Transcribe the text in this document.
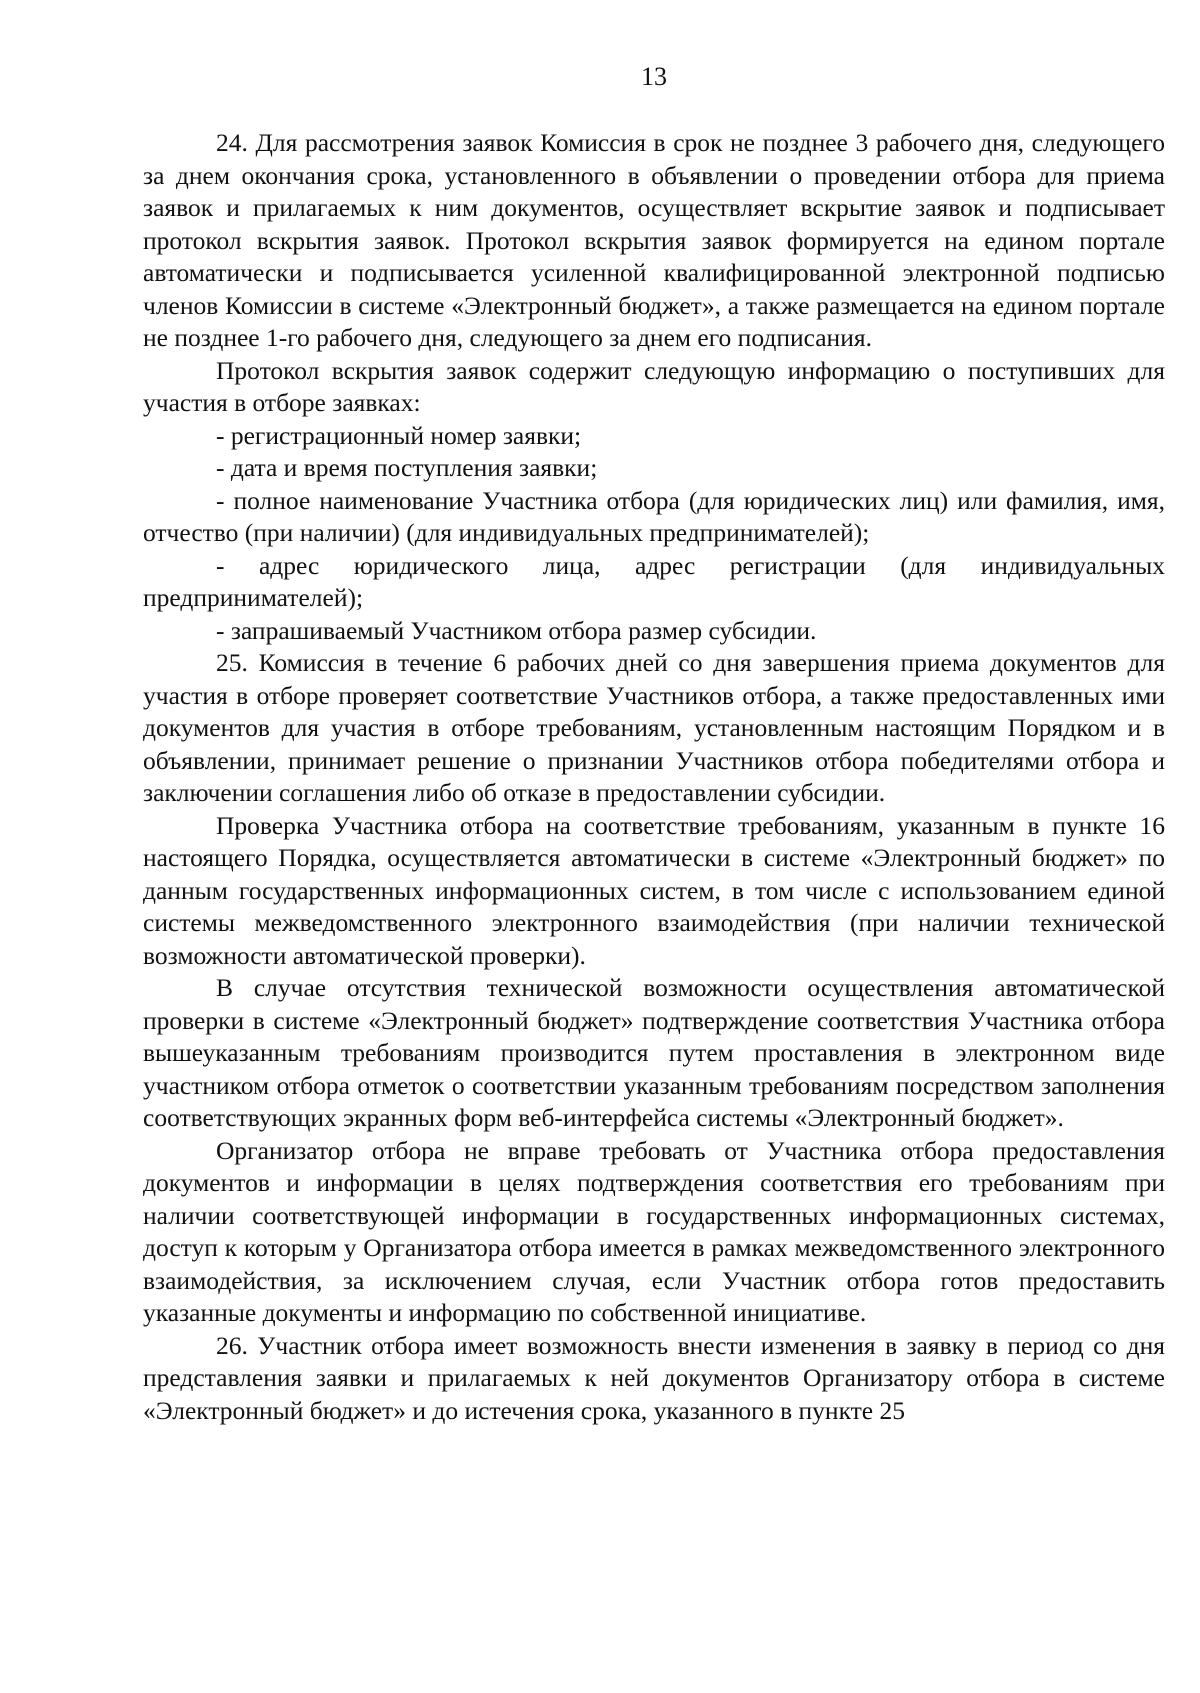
13

24. Для рассмотрения заявок Комиссия в срок не позднее 3 рабочего дня, следующего за днем окончания срока, установленного в объявлении о проведении отбора для приема заявок и прилагаемых к ним документов, осуществляет вскрытие заявок и подписывает протокол вскрытия заявок. Протокол вскрытия заявок формируется на едином портале автоматически и подписывается усиленной квалифицированной электронной подписью членов Комиссии в системе «Электронный бюджет», а также размещается на едином портале не позднее 1-го рабочего дня, следующего за днем его подписания.

Протокол вскрытия заявок содержит следующую информацию о поступивших для участия в отборе заявках:

- регистрационный номер заявки;

- дата и время поступления заявки;

- полное наименование Участника отбора (для юридических лиц) или фамилия, имя, отчество (при наличии) (для индивидуальных предпринимателей);

- адрес юридического лица, адрес регистрации (для индивидуальных предпринимателей);

- запрашиваемый Участником отбора размер субсидии.

25. Комиссия в течение 6 рабочих дней со дня завершения приема документов для участия в отборе проверяет соответствие Участников отбора, а также предоставленных ими документов для участия в отборе требованиям, установленным настоящим Порядком и в объявлении, принимает решение о признании Участников отбора победителями отбора и заключении соглашения либо об отказе в предоставлении субсидии.

Проверка Участника отбора на соответствие требованиям, указанным в пункте 16 настоящего Порядка, осуществляется автоматически в системе «Электронный бюджет» по данным государственных информационных систем, в том числе с использованием единой системы межведомственного электронного взаимодействия (при наличии технической возможности автоматической проверки).

В случае отсутствия технической возможности осуществления автоматической проверки в системе «Электронный бюджет» подтверждение соответствия Участника отбора вышеуказанным требованиям производится путем проставления в электронном виде участником отбора отметок о соответствии указанным требованиям посредством заполнения соответствующих экранных форм веб-интерфейса системы «Электронный бюджет».

Организатор отбора не вправе требовать от Участника отбора предоставления документов и информации в целях подтверждения соответствия его требованиям при наличии соответствующей информации в государственных информационных системах, доступ к которым у Организатора отбора имеется в рамках межведомственного электронного взаимодействия, за исключением случая, если Участник отбора готов предоставить указанные документы и информацию по собственной инициативе.

26. Участник отбора имеет возможность внести изменения в заявку в период со дня представления заявки и прилагаемых к ней документов Организатору отбора в системе «Электронный бюджет» и до истечения срока, указанного в пункте 25
